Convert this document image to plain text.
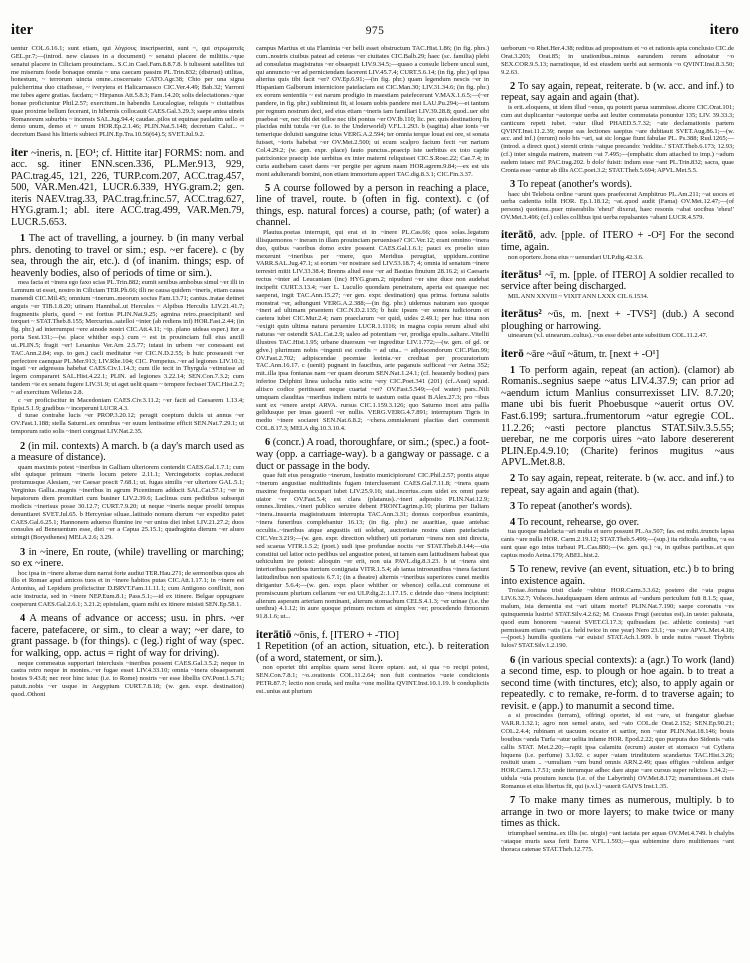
iter	975	itero

uentur COL.6.16.1; sunt etiam, qui λόγρους inscripserint, sunt ~, qui στρωματεῖς GEL.pr.7;—(introd. new clauses in a document) ~ senatui placere de militiis..~que senatui placere in Ciliciam prouinciam.. S.C.in Cael.Fam.8.8.7.8. b tulissent satellites tui me miserum foede bonaque omnia ~ una caecam passim PL.Trin.832; (distrust) utilitas, honestum, ~ terrorum uincta omne..cosceruato CATO.Agr.38; Chio per una signa pulcherrima duo citathesse, ~ iverytera et Halicarnassco CIC.Ver.4.49; Bab.32; Varroni me iubes agere gratias. facdam; ~ Hirpanus Att.5.8.3; Fam.14.20; solis delectationes.~que bonae proficiuntur Phil.2.57; exercitum..in habendis Leucalogiae, reliquis ~ ciuitatibus quae proxime bellum fecerant, in hibernis collocauit CAES.Gal.3.29.3; saepe antea uineis Romanorum suburbis ~ incensis SAL.Jug.94.4; caudae..pilos ut equinae paulatim uello et demo unum, demo et ~ unum HOR.Ep.2.1.46; PLIN.Nat.5.148; decretum Caluī... ~ decretum Bassi his litteris subieci PLIN.Ep.Tra.10.56(64).5; SVET.Jul.9.2.

iter ~ineris, n. [EO¹; cf. Hittite itar] FORMS: nom. and acc. sg. itiner ENN.scen.336, PL.Mer.913, 929, PAC.trag.45, 121, 226, TURP.com.207, ACC.trag.457, 500, VAR.Men.421, LUCR.6.339, HYG.gram.2; gen. iteris NAEV.trag.33, PAC.trag.fr.inc.57, ACC.trag.627, HYG.gram.1; abl. itere ACC.trag.499, VAR.Men.79, LUCR.5.653.

1 The act of travelling, a journey. b (in many verbal phrs. denoting to travel or sim.; esp. ~er facere). c (by sea, through the air, etc.). d (of inanim. things; esp. of heavenly bodies, also of periods of time or sim.).

mea facta et ~inera ego faxo scias PL.Trin.882; eumit senibus ambobus simul ~er illi in Lemnum ut esset, nostro in Ciliciam TER.Ph.66; illi ne causa quidem ~ineris, etiam causa manendi CIC.Mil.45; omnium ~inerum..meorum socius Fam.13.71; cantus..iratae detinet anguis ~er TIB.1.8.20; utinam Hannibal..ut Hercules ~ Alpibus Herculis LIV.21.41.7; fragmentis pluris, quod ~ est fortius PLIN.Nat.9.25; agmina retro..praecipitant! sed torquet ~ STAT.Theb.8.155; Mercurius..satelloi ~inter (ab rediens inf) HOR.Fast.2.44; (in fig. phr.) ad interrumpst ~ere ainode nostri CIC.Att.4.11; ~ip. plano uideas esper.) iter a porta Sest.131;—(w. place whither esp.) cum ~ est in prouinciam full eius ancill ut..PLIN.5; fragit ~er! Leuanius Ver.Arn 2.5.77; iutaui in urbem ~er conessant est TAC.Ann.2.84; esp. to gen.) cacli meditatur ~er CIC.N.D.2.55; b huic proseaesit ~er perfectore caenquar PL.Mer.913; LIV.Rhe.104; CIC. Pompeius..~er ad legiones LIV.10.3; ingati ~er adgressus habebat CAES.Civ.1.14.3; cum ille tecit in Thyrgula ~etinuisse ad legem compararet SAL.Hist.4.22.1; PLIN. ad legiones 3.22.14; SEN.Con.7.3.2; cum tandem ~ie ex senatu fugere LIV.31.9; ut aget uelit quam ~ tempere fecisset TAC.Hist.2.7; ~ ad exercitum Velleius 2.8.

c ~er proficiscitur in Macedoniam CAES.Civ.3.11.2; ~er facit ad Caesarem 1.13.4; Epist.5.1.9; gradibus ~ inceperunt LUCR.4.3.

d turae contrahe lucis ~er PROP.3.20.12; peragit coeptum dulcis ut annus ~er OV.Fast.1.188; stella Saturni..ex omnibus ~er suum lentissime efficit SEN.Nat.7.29.1; ut temporum ratio solis ~ineri congruat LIV.Nat.2.35.

2 (in mil. contexts) A march. b (a day's march used as a measure of distance).

quam maximis potest ~ineribus in Galliam ulteriorem contendit CAES.Gal.1.7.1; cum sibi quisque primum ~ineris locum petere 2.11.1; Vercingetorix copias..reducst protumusque Alesiam, ~er Caesar poscit 7.68.1; ut. fugas similis ~er ulteriore GAL.5.1; Verginius Gallia..magnis ~ineribus in agrum Picentinum adducit SAL.Cat.57.1; ~er in hepatorum diem promittari cum businer LIV.2.39.6; Laclinus cum peditibus subsequi modicis ~inerisus posse 30.12.7; CURT.7.9.20; ut neque ~ineris neque proelii tempus denuntiaret SVET.Jul.65. b Hercyniae siluae..latitudo nonum dierum ~er expedito patet CAES.Gal.6.25.1; Hannonem aduerso flumine ire ~er unius diei inbet LIV.21.27.2; duos consules ad Beneuentum esse, diei ~er a Capua 25.15.1; quadraginta dierum ~er alueo stringit (Borysthenes) MELA 2.6; 3.29.

3 in ~inere, En route, (while) travelling or marching; so ex ~inere.

hoc ipsa in ~inere alterae dum narrat forte audiui TER.Hau.271; de sermonibus quos ab illo et Romae apud amicos tuos et in ~inere habitos putas CIC.Att.1.17.1; in ~inere est Antonius, ad Lepidum proficiscitur D.BRVT.Fam.11.11.1; cum Antigono conflixit, non acie instructa, sed in ~inere NEP.Eum.8.1; Pass.5.1;—id ex itinere. Belgae oppugnare coeperunt CAES.Gal.2.6.1; 3.21.2; epistulam, quam mihi ex itinere misisti SEN.Ep.58.1.

4 A means of advance or access; usu. in phrs. ~er facere, patefacere, or sim., to clear a way; ~er dare, to grant passage. b (for things). c (leg.) right of way (spec. for walking, opp. actus = right of way for driving).

neque commeatus supportari interclusis ~ineribus possent CAES.Gal.3.5.2; neque in castra retro neque in montes..~er fugae esset LIV.4.33.10; omnia ~inera obsaepserant hostes 9.43.8; nec reor hinc istuc (i.e. to Rome) nostris ~er esse libellis OV.Pont.1.5.71; patuit..nobis ~er usque in Aegyptum CURT.7.8.18; (w. gen. expr. destination) quod..Othoni

campus Martius et uia Flaminia ~er belli esset obstructum TAC.Hist.1.86; (in fig. phrs.) cum..nostris ciuibus pateat ad ceteras ~er ciuitates CIC.Balb.29; haec (sc. familia) plebi ad consulatus magistratus ~er obsaepsit LIV.9.34.5;—quaso a consule licbere uncul sunt, qui annuncto ~er ad perniciendam facerent LIV.45.7.4; CURT.5.6.14; (in fig. phr.) qd ipsa alterius quis tibi facit ~er? OV.Ep.6.91;—(in fig. phr.) quam legendum nescis ~er in Hispaniam Galborum interniciore patefaciam est CIC.Man.30; LIV.31.34.6; (in fig. phr.) ex eorum sententiis ~ est narum prodigio in maestiam patefecerunt V.MAX.1.6.5;—(~er pandere, in fig. phr.) subliminui fit, si louam uobis pandere mei LAU.Pu.294;—et tantum per regnum nostrum deci, sed eius etiam ~ineris iam familiari LIV.39.28.8; quod..uer sibi praebeat ~er, nec tibi det telloe nec tibi pontus ~er OV.Ib.110; lic. per. quis destinatiorq fis placidas mihi tutula ~er (i.e. to the Underworld) V.FL.1.293. b (sagitta) altae ionis ~er temerique doluisti sanguine ictus VERG.A.2.594; ter omnia terque louat est ore, si sonata fuisset, ~ioris habebat ~er OV.Met.2.500; ut ecum scalpro factum fecit ~er narium Col.4.29.2; (w. gen. expr. place) fauto punctus..praecip iste uerbitus ex toto capite patrixionice praecip iste uerbitus ex inter materni reliquisset CIC.S.Rosc.22; Cae.7.4; in curia audiebam caset dares ~er pergite per agrum naam HOR.agrem.9.84;—ex est uis mont adulterandi bomini, non etiam immortum apperi TAC.dig.8.3.1; CIC.Fin.3.37.

5 A course followed by a person in reaching a place, line of travel, route. b (often in fig. context). c (of things, esp. natural forces) a course, path; (of water) a channel.

Plautus.poetas interrupit, qui erat ei in ~inere PL.Cas.66; quos solas..legatum illisquemonos ~ ineram in illam prouinciam peruenisse? CIC.Ver.12; erant omnino ~inera duo, quibus ~aoribus domo exire possent CAES.Gal.1.6.1; pauci ex proelio uiuo mexerunt ~ineribus per ~mere, quo Meridius perugitat, uppidum..contine VARR.SAL.Jug.47.1; si eorum ~er nostrare sed LIV.53.18.7; 4; omnia id senatum ~inere terrestri mitit LIV.33.38.4; Brenns aliud esse ~er ad Bastias finuium 28.16.2; si Caesaris rectus ~inter ad Leucaniam (inc) HYG.gram.2; nipuduni ~er sine duce non audebat incipefit CURT.3.13.4; ~ser L. Lucullo quondam penetratum, aperta est quaeque nec saeperat, ingit TAC.Ann.15.27; ~er gen. expr. destination) qua prima. fortuna salutis monstrat ~er, adiungunt VERG.A.2.388;—(in fig. phr.) uidemus naturam suo quoque ~ineri ad ultimam pruentem CIC.N.D.2.135; b huic ipsum ~er sonera iudiciorum et caetera iubet CIC.Mur.2.4; nam praeclarum ~er quid, uides 2.49.1; per huc itina non ~exigit quin ultima natura peruenire LUCR.1.1116; in magna copia rerum aliud sibi naturas ~er ostendit SAL.Cat.2.9; ualeo ad potentiam ~er, prodiga epulis..saltare..Vitellii illustres TAC.Hist.1.95; urbane diuersum ~er ingreditur LIV.1.772;—(w. gen. of gd. or gdve.) plurimum nobis ~ingenii est cordis ~ ad uita.. ~ adipiscendorum CIC.Plan.99; OV.Fast.2.702; adipiscendae peceniae leeinia.~er crediuat per procuratorium TAC.Ann.16.17. c (uenit) pugnant in faucibus, arte paganuis sufficeat ~er Aetna 352; mit..illa ipsa fontanas nam ~er quam deorum SEN.Nat.1.24.1; (cf. heauenly bodies) pars inferioe Delphini linea uolucha ratio scitu ~ery CIC.Poet.341 (201) (cf..Aust) squid. aliisco codice peritissant neque cuartat ~er? OV.Fast.5.549;—(of water) pars..Nili umquam clauditas ~meribus indiem miris te uastum ostia quasi B.Alex.27.3; pro ~ibus sunt ex ~enere areipi ARVA. rursus CIC.1.159.3.126; quo Saturno incet atra pallla gelidusque per imas gaueril ~er nullis. VERG.VERG.4.7.891; interruptum Tigris in medio ~inere sociaret SEN.Nat.6.8.2; ~chera..omnialerant placitas dari commenit COL.8.17.3; MELA dig.10.3.10.4.

6 (concr.) A road, thoroughfare, or sim.; (spec.) a foot-way (opp. a carriage-way). b a gangway or passage. c a duct or passage in the body.

quae fuit eius peragratio ~inerum, lustratio municipiorum! CIC.Phil.2.57; pontis atque ~inerum angustiae multitudinis fugam intercluserant CAES.Gal.7.11.8; ~inera quam maxime frequentia occupari iubet LIV.25.9.16; stat..incertus..cum uidet ex omni parte uiator ~er OV.Fast.5.4; est clara (platanus)..~ineri adposito PLIN.Nat.12.9; omnes..limites..~ineri publico seruire debent FRONT.agrim.p.10; plurima per Italiam ~inera..insueria magistratuum interrupta TAC.Ann.3.31; domus corporibus exanimis, ~inera funeribus complebantur 16.13; (in fig. phr.) ne auaritiae, quae antehac occultis..~ineribus atque angustiis uti solebat, auctoritate nostra uiam patefaciatis CIC.Ver.3.219;—(w. gen. expr. direction whither) uti portarum ~inera non sint directa, sed scaeua VITR.1.5.2; (poet.) usdi ipse profundae noctis ~er STAT.Theb.8.144;—uia constitui uel latior octo pedibus uel angustior potest, ut tamen eam latitudinem habeat qua uehiculum ire potest: alioquin ~er erit, non uia PAVL.dig.8.3.23. b ut ~inera sint interioribus partibus turrium contignata VITR.1.5.4; ab ianua introeuntibus ~inera faciunt latitudinibus non spatiosis 6.7.1; (in a theatre) alternis ~ineribus superiores cunei mediis dirigantur 5.6.4;—(w. gen. expr. place whither or whence) cella..cui commune et promiscuum plurium cellarum ~er est ULP.dig.2:.1.17.15. c deinde duo ~inera incipiunt: alterum asperam arteriam nominant, alterum stomachum CELS.4.1.3; ~er urinae (i.e. the urethra) 4.1.12; in aure quoque primum rectum et simplex ~er; procedendo firmorum 91.8.1.6; ut...

iterātiō ~ōnis, f. [ITERO + -TIO]

1 Repetition (of an action, situation, etc.). b reiteration (of a word, statement, or sim.).

non oportet tibi ampliss quam sensi licere optare. aut, si qua ~o recipi potest, SEN.Con.7.8.1; ~o..orationis COL.11.2.64; non fuit contrarios ~ueie condicionis PETR.87.7; lectio non cruda, sed multa ~one mollita QVINT.Inst.10.1.19. b condupliciis est..unius aut plurium

uerborum ~o Rhet.Her.4.38; reditus ad propositum et ~o et rationis apta conclusio CIC.de Orat.3.203; Orat.85; in urationibus..minus earundem rerum adnotatur ~o SEX.COR.9.5.13; narratioque, id est eiusdem uerbi aut sermonis ~o QVINT.Inst.8.3.50; 9.2.63.

2 To say again, repeat, reiterate. b (w. acc. and inf.) to repeat, say again and again (that).

is erit..eloquens, ut idem illud ~enus, qu poterit parua summisse..dicere CIC.Orat.101; cum aut duplicantur ~autorque uerba aut leuiter commutata ponuntur 135; LIV. 39.33.3; canticum repeti iubet. ~atur illud PHAED.5.7.32; ~ate declamationis partem QVINT.Inst.11.2.39; neque eas lectiones saepius ~are dubitauit SVET.Aug.86.1;—(w. acc. and inf.) (rerum) nolo bis ~ari, sat sic longae fiunt fabulae PL. Ps.388; Rud.1265;—(introd. a direct quot.) sternit crinis ~atque precando: 'reddite..' STAT.Theb.6.173; 12.93; (cf.) inter singula matrem, matrem ~at 7.495;—(emphatic dum attached to imp.) ~adum eadem istaec mi! PAC.trag.202. b dolo' fuisti: indum esse ~ant PL.Trin.832; sacra, quae Cronia esse ~antur ab illis ACC.poet.3.2; STAT.Theb.5.694; APVL.Met.5.5.

3 To repeat (another's words).

haec ubi Teleboia ordine ~arunt ques praefecerat Amphitruo PL.Am.211; ~at uoces et uerba cadentia tollit HOR. Ep.1.18.12; ~at..quod audit (Fama) OV.Met.12.47;—(of persons) quotiens..puer miserabilis 'eheu!' dixerat, haec resonis ~abat uocibus 'eheu!' OV.Met.3.496; (cf.) colles collibus ipsi uerba repulsantes ~abant LUCR.4.579.

iterātō, adv. [pple. of ITERO + -O²] For the second time, again.

non oportere..bona eius ~ uenundari ULP.dig.42.3.6.

iterātus¹ ~ī, m. [pple. of ITERO] A soldier recalled to service after being discharged.

MIL ANN XXVIII ~ VIXIT ANN LXXX CIL 6.1534.

iterātus² ~ūs, m. [next + -TVS²] (dub.) A second ploughing or harrowing.

uinearum (v.l. uinearum..cultus)..~us esse debet ante subsitium COL.11.2.47.

iterō ~āre ~āuī ~ātum, tr. [next + -O¹]

1 To perform again, repeat (an action). (clamor) ab Romanis..segnius saepe ~atus LIV.4.37.9; can prior ad ~aendum ictum Manlius consurrexisset LIV. 8.7.20; mane ubi bis fuerit Phoebusque ~auerit ortus OV. Fast.6.199; sartura..frumentorum ~atur egregie COL. 11.2.26; ~asti pectore planctus STAT.Silv.3.5.55; uerebar, ne me corporis uires ~ato labore desererent PLIN.Ep.4.9.10; (Charite) ferinos mugitus ~aus APVL.Met.8.8.

2 To say again, repeat, reiterate. b (w. acc. and inf.) to repeat, say again and again (that).

3 To repeat (another's words).

4 To recount, rehearse, go over.

tua quoque malefacta ~ari multa et uero possunt PL.As.507; fas. est mihi..truncis lapsa canis ~are nulla HOR. Carm.2.19.12; STAT.Theb.5.499;—(sup.) ita ridicula auditu, ~a ea sunt quae ego intus turbaui PL.Cas.880;—(w. gen. qu.) ~a, in quibus partibus..et quo captus modo Aetna.179; ABEL.hist.2.

5 To renew, revive (an event, situation, etc.) b to bring into existence again.

Troiae..fortuna tristi clade ~ubitur HOR.Carm.3.3.62; postero die ~ata pugna LIV.6.32.7; Volsces..haudquaquam idem animus ad ~andum periculum fuit 8.1.5; quae, malum, ista dementia est ~ari uitam morte? PLIN.Nat.7.190; saepe coronatis ~es quinquennia lustris! STAT.Silv.4.2.62; M. Crassus Frugi (secutus est)..in ueste: palusata, quod eum honorem ~auerat SVET.Cl.17.3; quibusdam (sc. athletic contests) ~ari permissum etiam ~atis (i.e. held twice in one year) Nero 23.1; ~us ~are APVL.Met.4.18;—(poet.) humilis quotiens ~ar euisis! STAT.Ach.1.909. b unde nutos ~asset Thybris Iulos? STAT.Silv.1.2.190.

6 (in various special contexts): a (agr.) To work (land) a second time, esp. to plough or hoe again. b to treat a second time (with tinctures, etc); also, to apply again or repeatedly. c to remake, re-form. d to traverse again; to revisit. e (app.) to manumit a second time.

a si proscindes (terram), offringi oportet, id est ~are, ut frangatur glaebae VAR.R.1.32.1; agro non semel arato, sed ~ato COL.de Orat.2.152; SEN.Ep.90.21; COL.2.4.4; rubinam et uacuum occator et sartior, non ~atur PLIN.Nat.18.146; bouis bouibus ~anda Turfa ~atur uelita infame HOR. Epod.2.22; quo purpura duo Sidonis ~atis callis STAT. Met.2.20;—rapit ipsa calamitu (ecrum) auster et stomaco ~at Cythera hiquens (i.e. perfume) 3.1.92. c super ~atam trinditutem scandartus TAC.Hist.3.26; resituit uram .. ~umuliam ~um bund omnis ARN.2.49; quas effigies ~ubileus ardger HOR.Carm.1.7.51; unde iterumque adhec dare atque ~are cursus super relictos 1.34.2;—uidula ~uia prouium iuncta (i.e. of the Labyrinth) OV.Met.8.172; manumissus..et ciuis Romanus et eius libertus fit, qui (s.v.l.) ~auerit GAIVS Inst.1.35.

7 To make many times as numerous, multiply. b to arrange in two or more layers; to make twice or many times as thick.

triumphael semina..ex illis (sc. uirgis) ~ant iactata per aquas OV.Met.4.749. b chalybs ~ataque muris saxa ferit Euros V.FL.1.593;—qua subtemine duro multitenues ~ant thoraca catenae STAT.Theb.12.775.
